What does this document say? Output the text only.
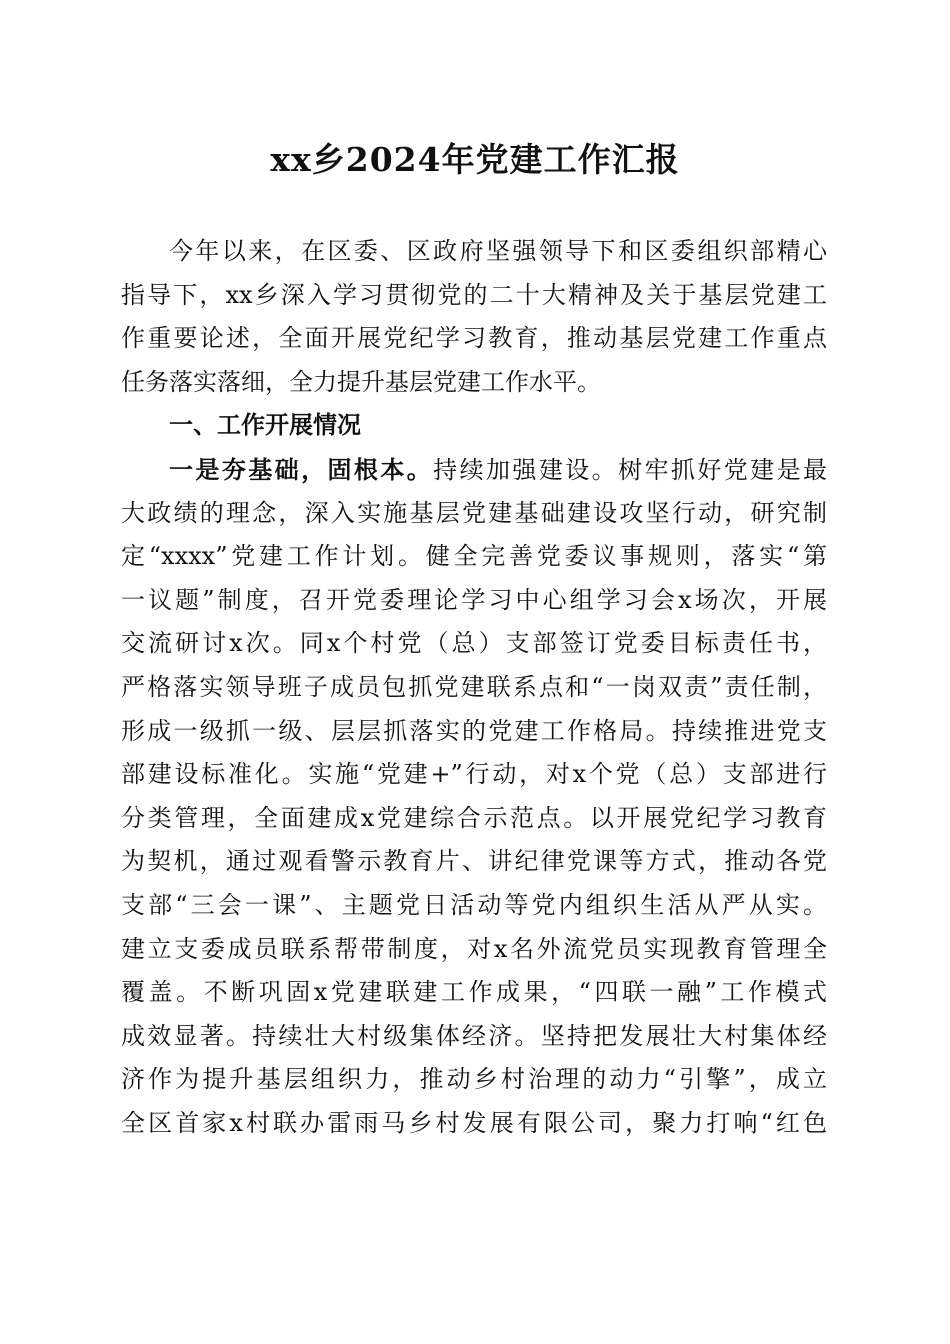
xx乡2024年党建工作汇报
今年以来，在区委、区政府坚强领导下和区委组织部精心
指导下，xx乡深入学习贯彻党的二十大精神及关于基层党建工
作重要论述，全面开展党纪学习教育，推动基层党建工作重点
任务落实落细，全力提升基层党建工作水平。
一、工作开展情况
一是夯基础，固根本。持续加强建设。树牢抓好党建是最
大政绩的理念，深入实施基层党建基础建设攻坚行动，研究制
定“xxxx”党建工作计划。健全完善党委议事规则，落实“第
一议题”制度，召开党委理论学习中心组学习会x场次，开展
交流研讨x次。同x个村党（总）支部签订党委目标责任书，
严格落实领导班子成员包抓党建联系点和“一岗双责”责任制，
形成一级抓一级、层层抓落实的党建工作格局。持续推进党支
部建设标准化。实施“党建+”行动，对x个党（总）支部进行
分类管理，全面建成x党建综合示范点。以开展党纪学习教育
为契机，通过观看警示教育片、讲纪律党课等方式，推动各党
支部“三会一课”、主题党日活动等党内组织生活从严从实。
建立支委成员联系帮带制度，对x名外流党员实现教育管理全
覆盖。不断巩固x党建联建工作成果，“四联一融”工作模式
成效显著。持续壮大村级集体经济。坚持把发展壮大村集体经
济作为提升基层组织力，推动乡村治理的动力“引擎”，成立
全区首家x村联办雷雨马乡村发展有限公司，聚力打响“红色
